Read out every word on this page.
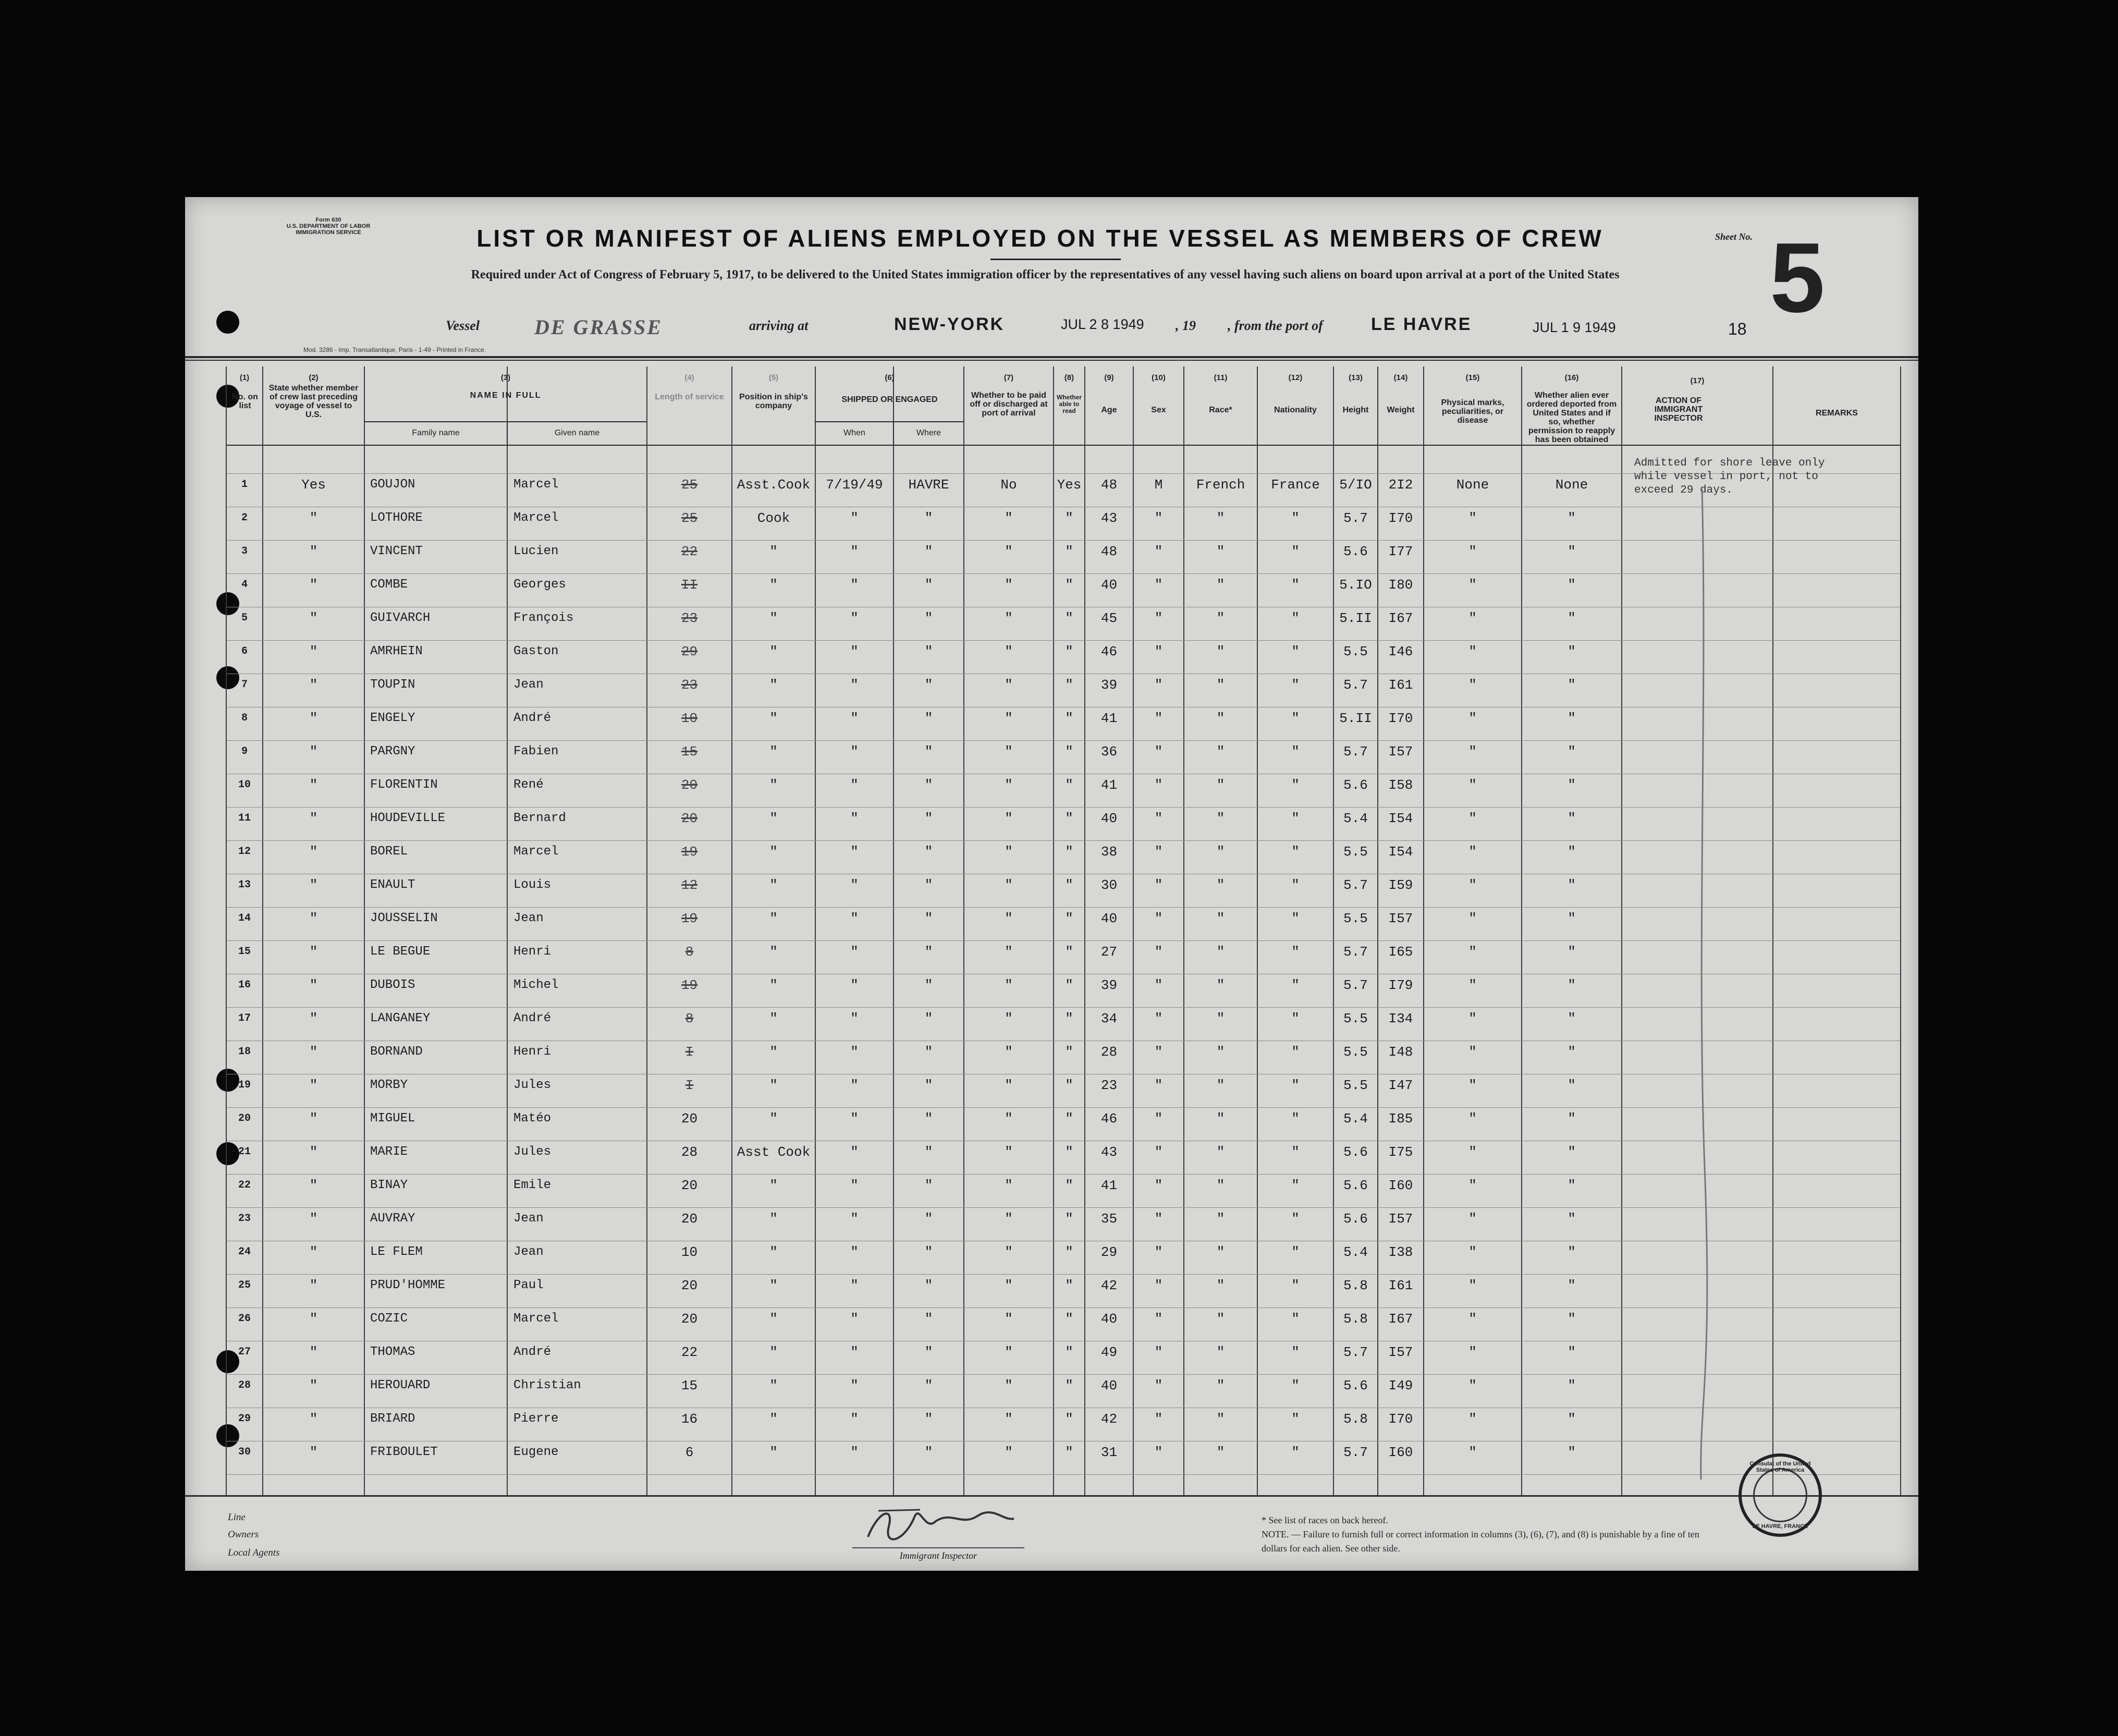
Form 630
U.S. DEPARTMENT OF LABOR
IMMIGRATION SERVICE	LIST OR MANIFEST OF ALIENS EMPLOYED ON THE VESSEL AS MEMBERS OF CREW
Required under Act of Congress of February 5, 1917, to be delivered to the United States immigration officer by the representatives of any vessel having such aliens on board upon arrival at a port of the United States
Sheet No. 5
Vessel	DE GRASSE	arriving at	NEW-YORK	JUL 2 8 1949 , 19 , from the port of	LE HAVRE	JUL 1 9 1949	18
Mod. 3286 - Imp. Transatlantique, Paris - 1-49 - Printed in France.
(1)
No. on list
(2)
State whether member of crew last preceding voyage of vessel to U.S.
(3)
NAME IN FULL
Family name	Given name
(4)
Length of service
(5)
Position in ship's company
(6)
SHIPPED OR ENGAGED
When	Where
(7)
Whether to be paid off or discharged at port of arrival
(8)
Whether able to read
(9)
Age
(10)
Sex
(11)
Race*
(12)
Nationality
(13)
Height
(14)
Weight
(15)
Physical marks, peculiarities, or disease
(16)
Whether alien ever ordered deported from United States and if so, whether permission to reapply has been obtained
(17)
ACTION OF IMMIGRANT INSPECTOR
REMARKS
1	Yes	GOUJON	Marcel	25	Asst.Cook	7/19/49	HAVRE	No	Yes	48	M	French	France	5/IO	2I2	None	None
2	"	LOTHORE	Marcel	25	Cook	"	"	"	"	43	"	"	"	5.7	I70	"	"
3	"	VINCENT	Lucien	22	"	"	"	"	"	48	"	"	"	5.6	I77	"	"
4	"	COMBE	Georges	II	"	"	"	"	"	40	"	"	"	5.IO	I80	"	"
5	"	GUIVARCH	François	23	"	"	"	"	"	45	"	"	"	5.II	I67	"	"
6	"	AMRHEIN	Gaston	29	"	"	"	"	"	46	"	"	"	5.5	I46	"	"
7	"	TOUPIN	Jean	23	"	"	"	"	"	39	"	"	"	5.7	I61	"	"
8	"	ENGELY	André	10	"	"	"	"	"	41	"	"	"	5.II	I70	"	"
9	"	PARGNY	Fabien	15	"	"	"	"	"	36	"	"	"	5.7	I57	"	"
10	"	FLORENTIN	René	20	"	"	"	"	"	41	"	"	"	5.6	I58	"	"
11	"	HOUDEVILLE	Bernard	20	"	"	"	"	"	40	"	"	"	5.4	I54	"	"
12	"	BOREL	Marcel	19	"	"	"	"	"	38	"	"	"	5.5	I54	"	"
13	"	ENAULT	Louis	12	"	"	"	"	"	30	"	"	"	5.7	I59	"	"
14	"	JOUSSELIN	Jean	19	"	"	"	"	"	40	"	"	"	5.5	I57	"	"
15	"	LE BEGUE	Henri	8	"	"	"	"	"	27	"	"	"	5.7	I65	"	"
16	"	DUBOIS	Michel	19	"	"	"	"	"	39	"	"	"	5.7	I79	"	"
17	"	LANGANEY	André	8	"	"	"	"	"	34	"	"	"	5.5	I34	"	"
18	"	BORNAND	Henri	I	"	"	"	"	"	28	"	"	"	5.5	I48	"	"
19	"	MORBY	Jules	I	"	"	"	"	"	23	"	"	"	5.5	I47	"	"
20	"	MIGUEL	Matéo	20	"	"	"	"	"	46	"	"	"	5.4	I85	"	"
21	"	MARIE	Jules	28	Asst Cook	"	"	"	"	43	"	"	"	5.6	I75	"	"
22	"	BINAY	Emile	20	"	"	"	"	"	41	"	"	"	5.6	I60	"	"
23	"	AUVRAY	Jean	20	"	"	"	"	"	35	"	"	"	5.6	I57	"	"
24	"	LE FLEM	Jean	10	"	"	"	"	"	29	"	"	"	5.4	I38	"	"
25	"	PRUD'HOMME	Paul	20	"	"	"	"	"	42	"	"	"	5.8	I61	"	"
26	"	COZIC	Marcel	20	"	"	"	"	"	40	"	"	"	5.8	I67	"	"
27	"	THOMAS	André	22	"	"	"	"	"	49	"	"	"	5.7	I57	"	"
28	"	HEROUARD	Christian	15	"	"	"	"	"	40	"	"	"	5.6	I49	"	"
29	"	BRIARD	Pierre	16	"	"	"	"	"	42	"	"	"	5.8	I70	"	"
30	"	FRIBOULET	Eugene	6	"	"	"	"	"	31	"	"	"	5.7	I60	"	"
Admitted for shore leave only while vessel in port, not to exceed 29 days.
Line
Owners
Local Agents	Immigrant Inspector
* See list of races on back hereof.
NOTE. — Failure to furnish full or correct information in columns (3), (6), (7), and (8) is punishable by a fine of ten dollars for each alien. See other side.
Consulat of the United States of America
LE HAVRE, FRANCE
